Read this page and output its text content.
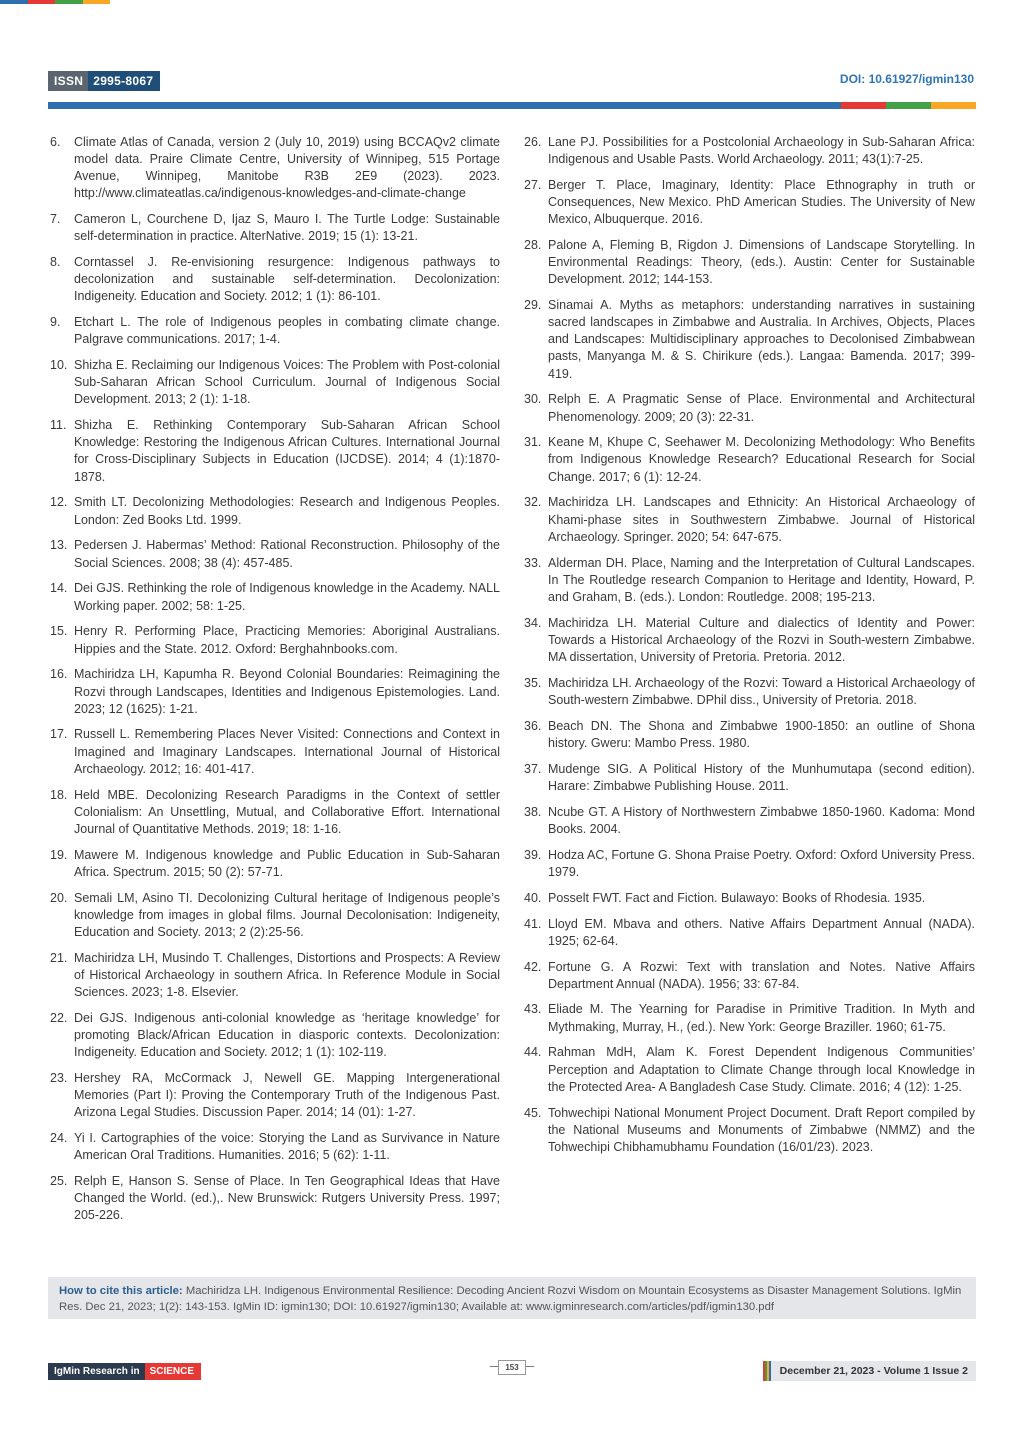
ISSN 2995-8067	DOI: 10.61927/igmin130
6.	Climate Atlas of Canada, version 2 (July 10, 2019) using BCCAQv2 climate model data. Praire Climate Centre, University of Winnipeg, 515 Portage Avenue, Winnipeg, Manitobe R3B 2E9 (2023). 2023. http://www.climateatlas.ca/indigenous-knowledges-and-climate-change
7.	Cameron L, Courchene D, Ijaz S, Mauro I. The Turtle Lodge: Sustainable self-determination in practice. AlterNative. 2019; 15 (1): 13-21.
8.	Corntassel J. Re-envisioning resurgence: Indigenous pathways to decolonization and sustainable self-determination. Decolonization: Indigeneity. Education and Society. 2012; 1 (1): 86-101.
9.	Etchart L. The role of Indigenous peoples in combating climate change. Palgrave communications. 2017; 1-4.
10. Shizha E. Reclaiming our Indigenous Voices: The Problem with Post-colonial Sub-Saharan African School Curriculum. Journal of Indigenous Social Development. 2013; 2 (1): 1-18.
11. Shizha E. Rethinking Contemporary Sub-Saharan African School Knowledge: Restoring the Indigenous African Cultures. International Journal for Cross-Disciplinary Subjects in Education (IJCDSE). 2014; 4 (1):1870-1878.
12. Smith LT. Decolonizing Methodologies: Research and Indigenous Peoples. London: Zed Books Ltd. 1999.
13. Pedersen J. Habermas’ Method: Rational Reconstruction. Philosophy of the Social Sciences. 2008; 38 (4): 457-485.
14. Dei GJS. Rethinking the role of Indigenous knowledge in the Academy. NALL Working paper. 2002; 58: 1-25.
15. Henry R. Performing Place, Practicing Memories: Aboriginal Australians. Hippies and the State. 2012. Oxford: Berghahnbooks.com.
16. Machiridza LH, Kapumha R. Beyond Colonial Boundaries: Reimagining the Rozvi through Landscapes, Identities and Indigenous Epistemologies. Land. 2023; 12 (1625): 1-21.
17. Russell L. Remembering Places Never Visited: Connections and Context in Imagined and Imaginary Landscapes. International Journal of Historical Archaeology. 2012; 16: 401-417.
18. Held MBE. Decolonizing Research Paradigms in the Context of settler Colonialism: An Unsettling, Mutual, and Collaborative Effort. International Journal of Quantitative Methods. 2019; 18: 1-16.
19. Mawere M. Indigenous knowledge and Public Education in Sub-Saharan Africa. Spectrum. 2015; 50 (2): 57-71.
20. Semali LM, Asino TI. Decolonizing Cultural heritage of Indigenous people’s knowledge from images in global films. Journal Decolonisation: Indigeneity, Education and Society. 2013; 2 (2):25-56.
21. Machiridza LH, Musindo T. Challenges, Distortions and Prospects: A Review of Historical Archaeology in southern Africa. In Reference Module in Social Sciences. 2023; 1-8. Elsevier.
22. Dei GJS. Indigenous anti-colonial knowledge as ‘heritage knowledge’ for promoting Black/African Education in diasporic contexts. Decolonization: Indigeneity. Education and Society. 2012; 1 (1): 102-119.
23. Hershey RA, McCormack J, Newell GE. Mapping Intergenerational Memories (Part I): Proving the Contemporary Truth of the Indigenous Past. Arizona Legal Studies. Discussion Paper. 2014; 14 (01): 1-27.
24. Yi I. Cartographies of the voice: Storying the Land as Survivance in Nature American Oral Traditions. Humanities. 2016; 5 (62): 1-11.
25. Relph E, Hanson S. Sense of Place. In Ten Geographical Ideas that Have Changed the World. (ed.),. New Brunswick: Rutgers University Press. 1997; 205-226.
26. Lane PJ. Possibilities for a Postcolonial Archaeology in Sub-Saharan Africa: Indigenous and Usable Pasts. World Archaeology. 2011; 43(1):7-25.
27. Berger T. Place, Imaginary, Identity: Place Ethnography in truth or Consequences, New Mexico. PhD American Studies. The University of New Mexico, Albuquerque. 2016.
28. Palone A, Fleming B, Rigdon J. Dimensions of Landscape Storytelling. In Environmental Readings: Theory, (eds.). Austin: Center for Sustainable Development. 2012; 144-153.
29. Sinamai A. Myths as metaphors: understanding narratives in sustaining sacred landscapes in Zimbabwe and Australia. In Archives, Objects, Places and Landscapes: Multidisciplinary approaches to Decolonised Zimbabwean pasts, Manyanga M. & S. Chirikure (eds.). Langaa: Bamenda. 2017; 399-419.
30. Relph E. A Pragmatic Sense of Place. Environmental and Architectural Phenomenology. 2009; 20 (3): 22-31.
31. Keane M, Khupe C, Seehawer M. Decolonizing Methodology: Who Benefits from Indigenous Knowledge Research? Educational Research for Social Change. 2017; 6 (1): 12-24.
32. Machiridza LH. Landscapes and Ethnicity: An Historical Archaeology of Khami-phase sites in Southwestern Zimbabwe. Journal of Historical Archaeology. Springer. 2020; 54: 647-675.
33. Alderman DH. Place, Naming and the Interpretation of Cultural Landscapes. In The Routledge research Companion to Heritage and Identity, Howard, P. and Graham, B. (eds.). London: Routledge. 2008; 195-213.
34. Machiridza LH. Material Culture and dialectics of Identity and Power: Towards a Historical Archaeology of the Rozvi in South-western Zimbabwe. MA dissertation, University of Pretoria. Pretoria. 2012.
35. Machiridza LH. Archaeology of the Rozvi: Toward a Historical Archaeology of South-western Zimbabwe. DPhil diss., University of Pretoria. 2018.
36. Beach DN. The Shona and Zimbabwe 1900-1850: an outline of Shona history. Gweru: Mambo Press. 1980.
37. Mudenge SIG. A Political History of the Munhumutapa (second edition). Harare: Zimbabwe Publishing House. 2011.
38. Ncube GT. A History of Northwestern Zimbabwe 1850-1960. Kadoma: Mond Books. 2004.
39. Hodza AC, Fortune G. Shona Praise Poetry. Oxford: Oxford University Press. 1979.
40. Posselt FWT. Fact and Fiction. Bulawayo: Books of Rhodesia. 1935.
41. Lloyd EM. Mbava and others. Native Affairs Department Annual (NADA). 1925; 62-64.
42. Fortune G. A Rozwi: Text with translation and Notes. Native Affairs Department Annual (NADA). 1956; 33: 67-84.
43. Eliade M. The Yearning for Paradise in Primitive Tradition. In Myth and Mythmaking, Murray, H., (ed.). New York: George Braziller. 1960; 61-75.
44. Rahman MdH, Alam K. Forest Dependent Indigenous Communities’ Perception and Adaptation to Climate Change through local Knowledge in the Protected Area- A Bangladesh Case Study. Climate. 2016; 4 (12): 1-25.
45. Tohwechipi National Monument Project Document. Draft Report compiled by the National Museums and Monuments of Zimbabwe (NMMZ) and the Tohwechipi Chibhamubhamu Foundation (16/01/23). 2023.
How to cite this article: Machiridza LH. Indigenous Environmental Resilience: Decoding Ancient Rozvi Wisdom on Mountain Ecosystems as Disaster Management Solutions. IgMin Res. Dec 21, 2023; 1(2): 143-153. IgMin ID: igmin130; DOI: 10.61927/igmin130; Available at: www.igminresearch.com/articles/pdf/igmin130.pdf
IgMin Research in	SCIENCE	153	December 21, 2023 - Volume 1 Issue 2
